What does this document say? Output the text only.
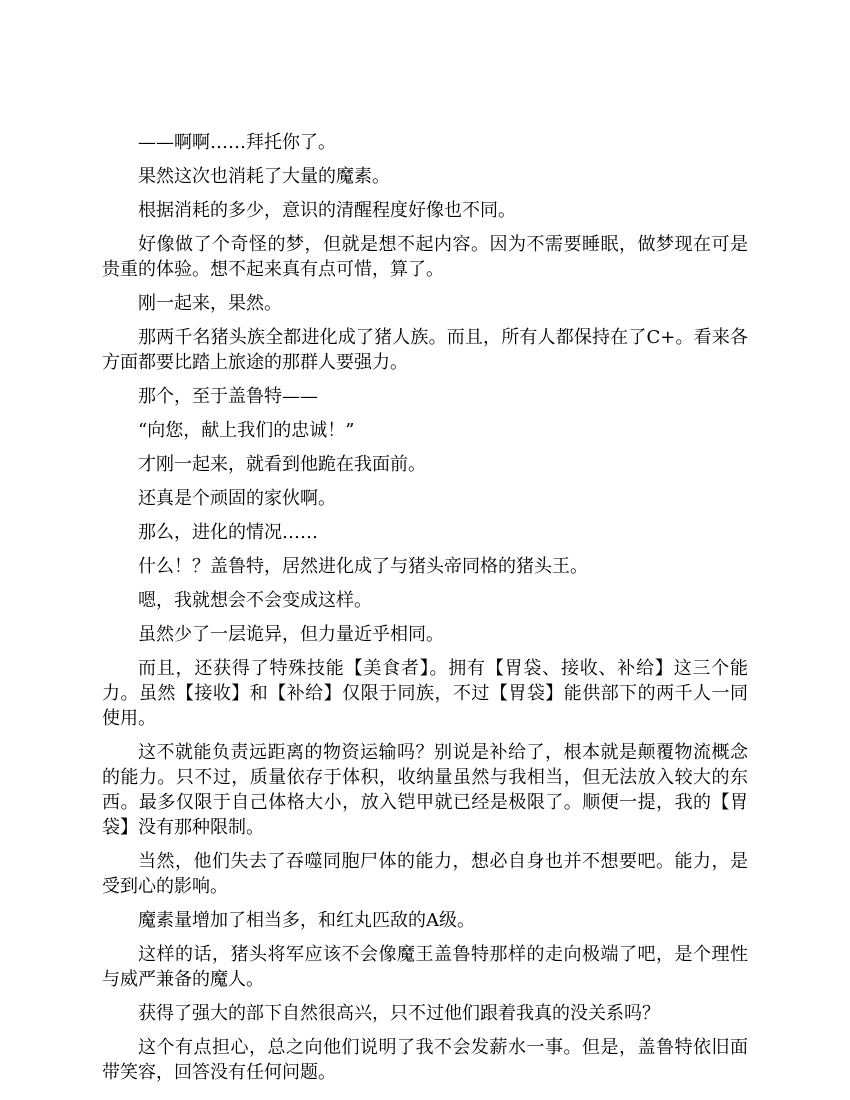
——啊啊……拜托你了。

果然这次也消耗了大量的魔素。

根据消耗的多少，意识的清醒程度好像也不同。

好像做了个奇怪的梦，但就是想不起内容。因为不需要睡眠，做梦现在可是贵重的体验。想不起来真有点可惜，算了。

刚一起来，果然。

那两千名猪头族全都进化成了猪人族。而且，所有人都保持在了C+。看来各方面都要比踏上旅途的那群人要强力。

那个，至于盖鲁特——

“向您，献上我们的忠诚！”

才刚一起来，就看到他跪在我面前。

还真是个顽固的家伙啊。

那么，进化的情况……

什么！？盖鲁特，居然进化成了与猪头帝同格的猪头王。

嗯，我就想会不会变成这样。

虽然少了一层诡异，但力量近乎相同。

而且，还获得了特殊技能【美食者】。拥有【胃袋、接收、补给】这三个能力。虽然【接收】和【补给】仅限于同族，不过【胃袋】能供部下的两千人一同使用。

这不就能负责远距离的物资运输吗？别说是补给了，根本就是颠覆物流概念的能力。只不过，质量依存于体积，收纳量虽然与我相当，但无法放入较大的东西。最多仅限于自己体格大小，放入铠甲就已经是极限了。顺便一提，我的【胃袋】没有那种限制。

当然，他们失去了吞噬同胞尸体的能力，想必自身也并不想要吧。能力，是受到心的影响。

魔素量增加了相当多，和红丸匹敌的A级。

这样的话，猪头将军应该不会像魔王盖鲁特那样的走向极端了吧，是个理性与威严兼备的魔人。

获得了强大的部下自然很高兴，只不过他们跟着我真的没关系吗？

这个有点担心，总之向他们说明了我不会发薪水一事。但是，盖鲁特依旧面带笑容，回答没有任何问题。
